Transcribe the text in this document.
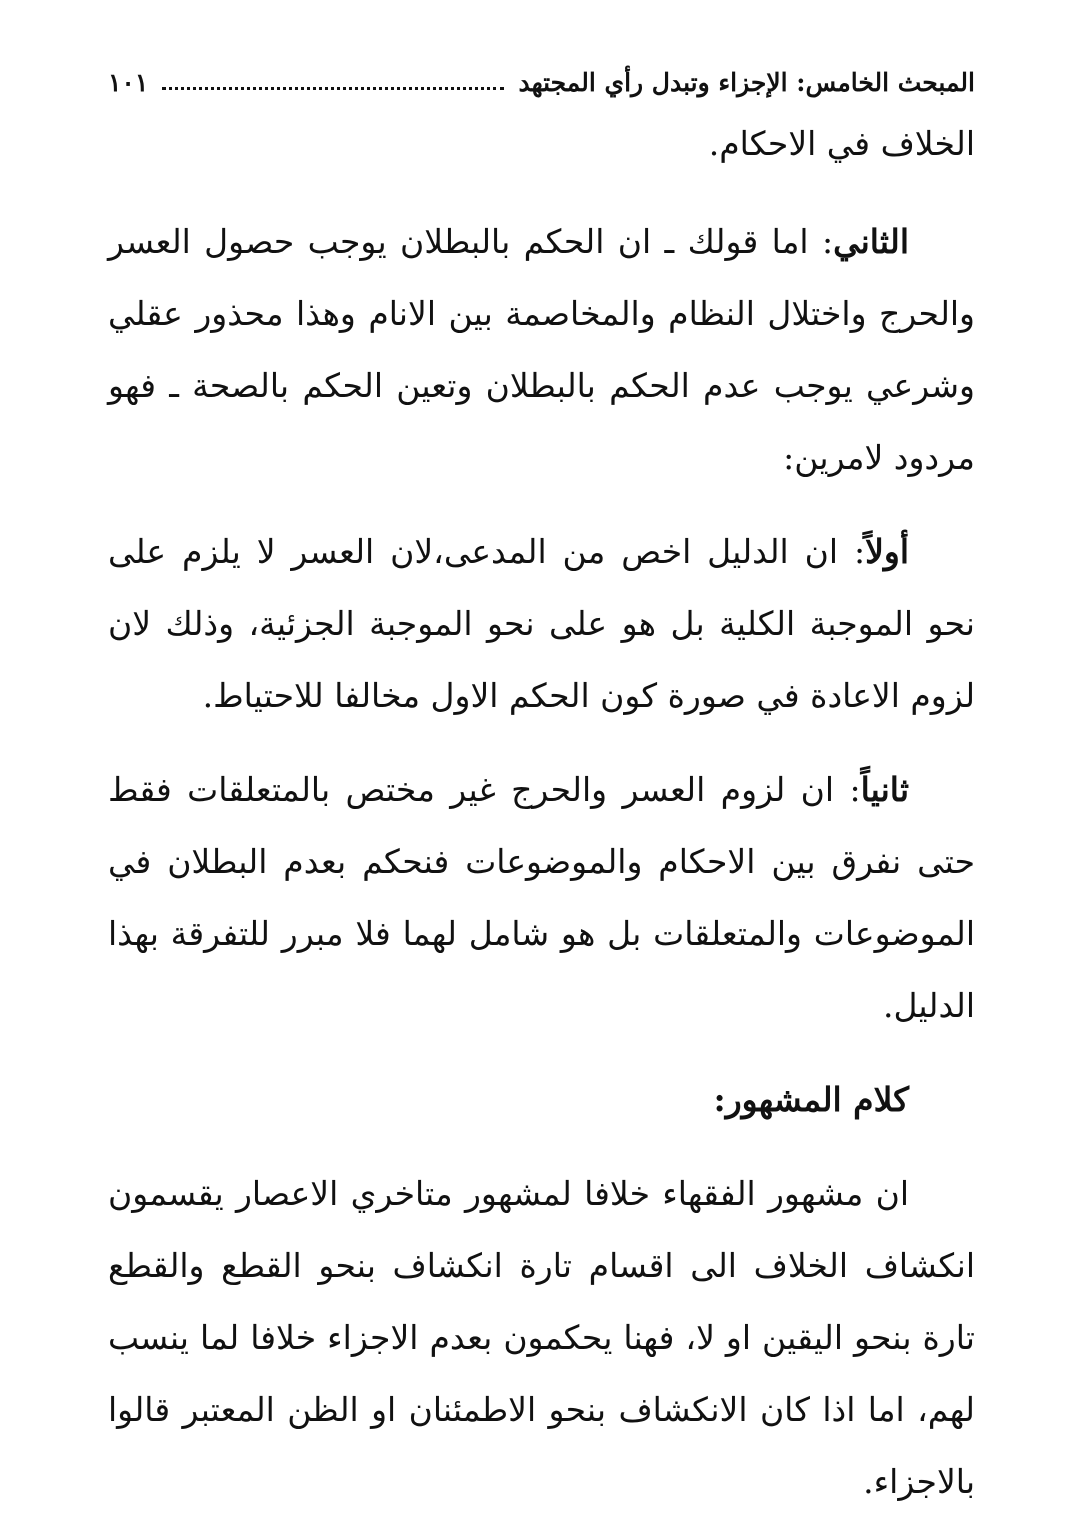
المبحث الخامس: الإجزاء وتبدل رأي المجتهد
١٠١

الخلاف في الاحكام.

الثاني: اما قولك ـ ان الحكم بالبطلان يوجب حصول العسر والحرج واختلال النظام والمخاصمة بين الانام وهذا محذور عقلي وشرعي يوجب عدم الحكم بالبطلان وتعين الحكم بالصحة ـ فهو مردود لامرين:

أولاً: ان الدليل اخص من المدعى،لان العسر لا يلزم على نحو الموجبة الكلية بل هو على نحو الموجبة الجزئية، وذلك لان لزوم الاعادة في صورة كون الحكم الاول مخالفا للاحتياط.

ثانياً: ان لزوم العسر والحرج غير مختص بالمتعلقات فقط حتى نفرق بين الاحكام والموضوعات فنحكم بعدم البطلان في الموضوعات والمتعلقات بل هو شامل لهما فلا مبرر للتفرقة بهذا الدليل.

كلام المشهور:

ان مشهور الفقهاء خلافا لمشهور متاخري الاعصار يقسمون انكشاف الخلاف الى اقسام تارة انكشاف بنحو القطع والقطع تارة بنحو اليقين او لا، فهنا يحكمون بعدم الاجزاء خلافا لما ينسب لهم، اما اذا كان الانكشاف بنحو الاطمئنان او الظن المعتبر قالوا بالاجزاء.
